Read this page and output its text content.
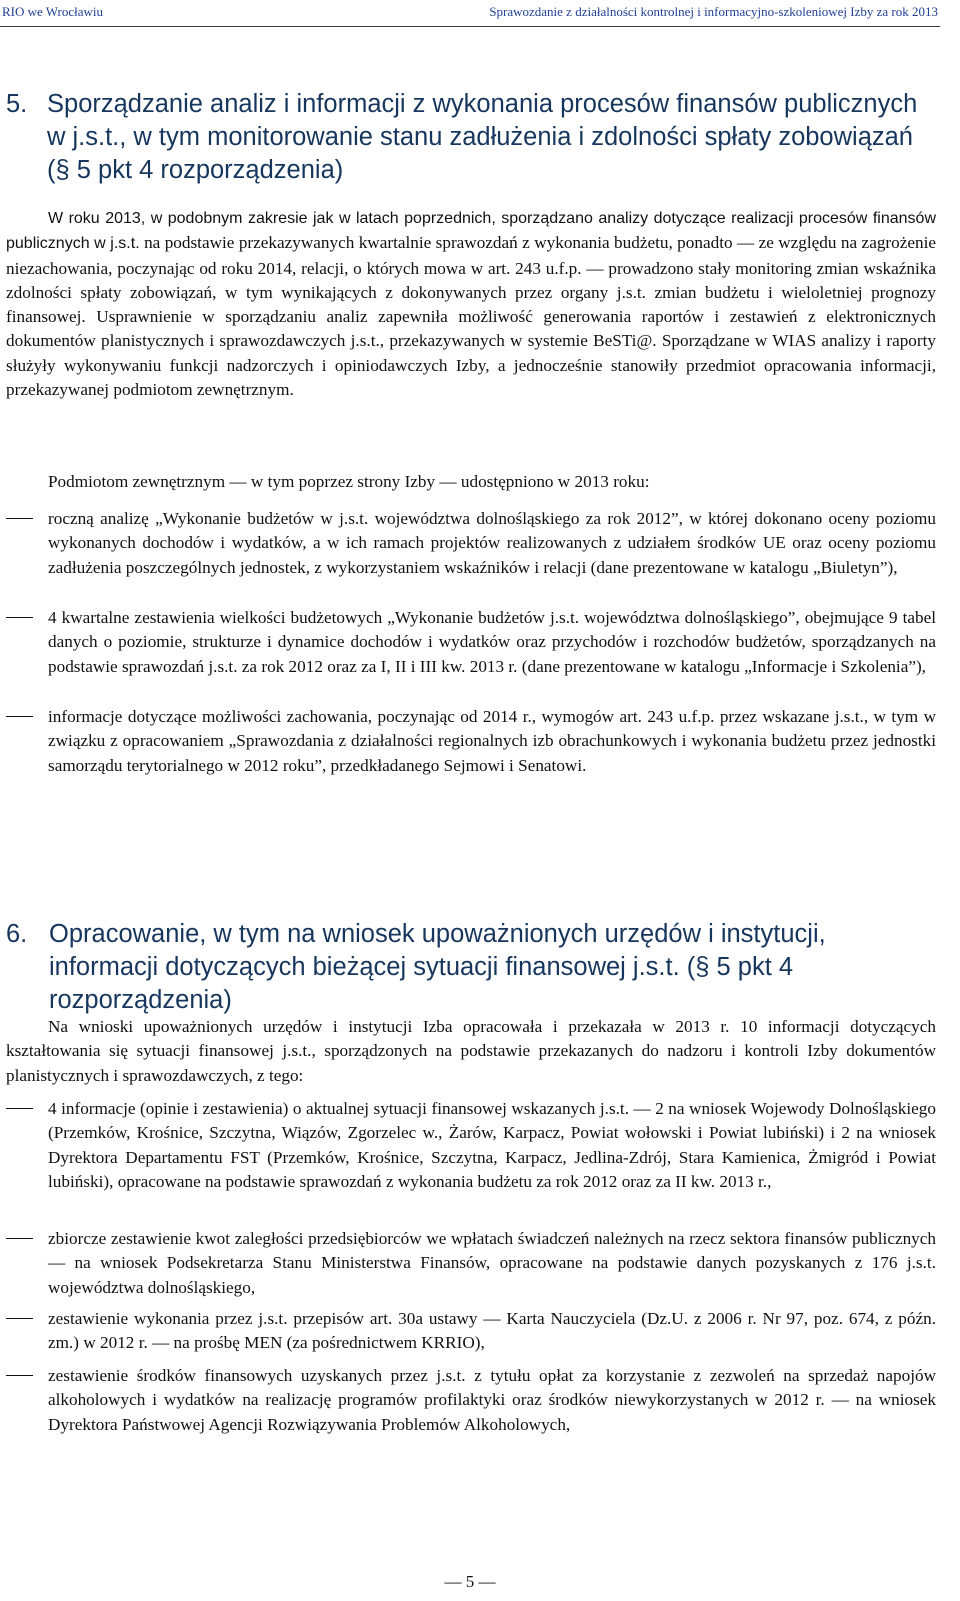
RIO we Wrocławiu	Sprawozdanie z działalności kontrolnej i informacyjno-szkoleniowej Izby za rok 2013
5. Sporządzanie analiz i informacji z wykonania procesów finansów publicznych w j.s.t., w tym monitorowanie stanu zadłużenia i zdolności spłaty zobowiązań (§ 5 pkt 4 rozporządzenia)

W roku 2013, w podobnym zakresie jak w latach poprzednich, sporządzano analizy dotyczące realizacji procesów finansów publicznych w j.s.t. na podstawie przekazywanych kwartalnie sprawozdań z wykonania budżetu, ponadto — ze względu na zagrożenie niezachowania, poczynając od roku 2014, relacji, o których mowa w art. 243 u.f.p. — prowadzono stały monitoring zmian wskaźnika zdolności spłaty zobowiązań, w tym wynikających z dokonywanych przez organy j.s.t. zmian budżetu i wieloletniej prognozy finansowej. Usprawnienie w sporządzaniu analiz zapewniła możliwość generowania raportów i zestawień z elektronicznych dokumentów planistycznych i sprawozdawczych j.s.t., przekazywanych w systemie BeSTi@. Sporządzane w WIAS analizy i raporty służyły wykonywaniu funkcji nadzorczych i opiniodawczych Izby, a jednocześnie stanowiły przedmiot opracowania informacji, przekazywanej podmiotom zewnętrznym.

Podmiotom zewnętrznym — w tym poprzez strony Izby — udostępniono w 2013 roku:

roczną analizę „Wykonanie budżetów w j.s.t. województwa dolnośląskiego za rok 2012”, w której dokonano oceny poziomu wykonanych dochodów i wydatków, a w ich ramach projektów realizowanych z udziałem środków UE oraz oceny poziomu zadłużenia poszczególnych jednostek, z wykorzystaniem wskaźników i relacji (dane prezentowane w katalogu „Biuletyn”),

4 kwartalne zestawienia wielkości budżetowych „Wykonanie budżetów j.s.t. województwa dolnośląskiego”, obejmujące 9 tabel danych o poziomie, strukturze i dynamice dochodów i wydatków oraz przychodów i rozchodów budżetów, sporządzanych na podstawie sprawozdań j.s.t. za rok 2012 oraz za I, II i III kw. 2013 r. (dane prezentowane w katalogu „Informacje i Szkolenia”),

informacje dotyczące możliwości zachowania, poczynając od 2014 r., wymogów art. 243 u.f.p. przez wskazane j.s.t., w tym w związku z opracowaniem „Sprawozdania z działalności regionalnych izb obrachunkowych i wykonania budżetu przez jednostki samorządu terytorialnego w 2012 roku”, przedkładanego Sejmowi i Senatowi.

6. Opracowanie, w tym na wniosek upoważnionych urzędów i instytucji, informacji dotyczących bieżącej sytuacji finansowej j.s.t. (§ 5 pkt 4 rozporządzenia)

Na wnioski upoważnionych urzędów i instytucji Izba opracowała i przekazała w 2013 r. 10 informacji dotyczących kształtowania się sytuacji finansowej j.s.t., sporządzonych na podstawie przekazanych do nadzoru i kontroli Izby dokumentów planistycznych i sprawozdawczych, z tego:

4 informacje (opinie i zestawienia) o aktualnej sytuacji finansowej wskazanych j.s.t. — 2 na wniosek Wojewody Dolnośląskiego (Przemków, Krośnice, Szczytna, Wiązów, Zgorzelec w., Żarów, Karpacz, Powiat wołowski i Powiat lubiński) i 2 na wniosek Dyrektora Departamentu FST (Przemków, Krośnice, Szczytna, Karpacz, Jedlina-Zdrój, Stara Kamienica, Żmigród i Powiat lubiński), opracowane na podstawie sprawozdań z wykonania budżetu za rok 2012 oraz za II kw. 2013 r.,

zbiorcze zestawienie kwot zaległości przedsiębiorców we wpłatach świadczeń należnych na rzecz sektora finansów publicznych — na wniosek Podsekretarza Stanu Ministerstwa Finansów, opracowane na podstawie danych pozyskanych z 176 j.s.t. województwa dolnośląskiego,

zestawienie wykonania przez j.s.t. przepisów art. 30a ustawy — Karta Nauczyciela (Dz.U. z 2006 r. Nr 97, poz. 674, z późn. zm.) w 2012 r. — na prośbę MEN (za pośrednictwem KRRIO),

zestawienie środków finansowych uzyskanych przez j.s.t. z tytułu opłat za korzystanie z zezwoleń na sprzedaż napojów alkoholowych i wydatków na realizację programów profilaktyki oraz środków niewykorzystanych w 2012 r. — na wniosek Dyrektora Państwowej Agencji Rozwiązywania Problemów Alkoholowych,

— 5 —
